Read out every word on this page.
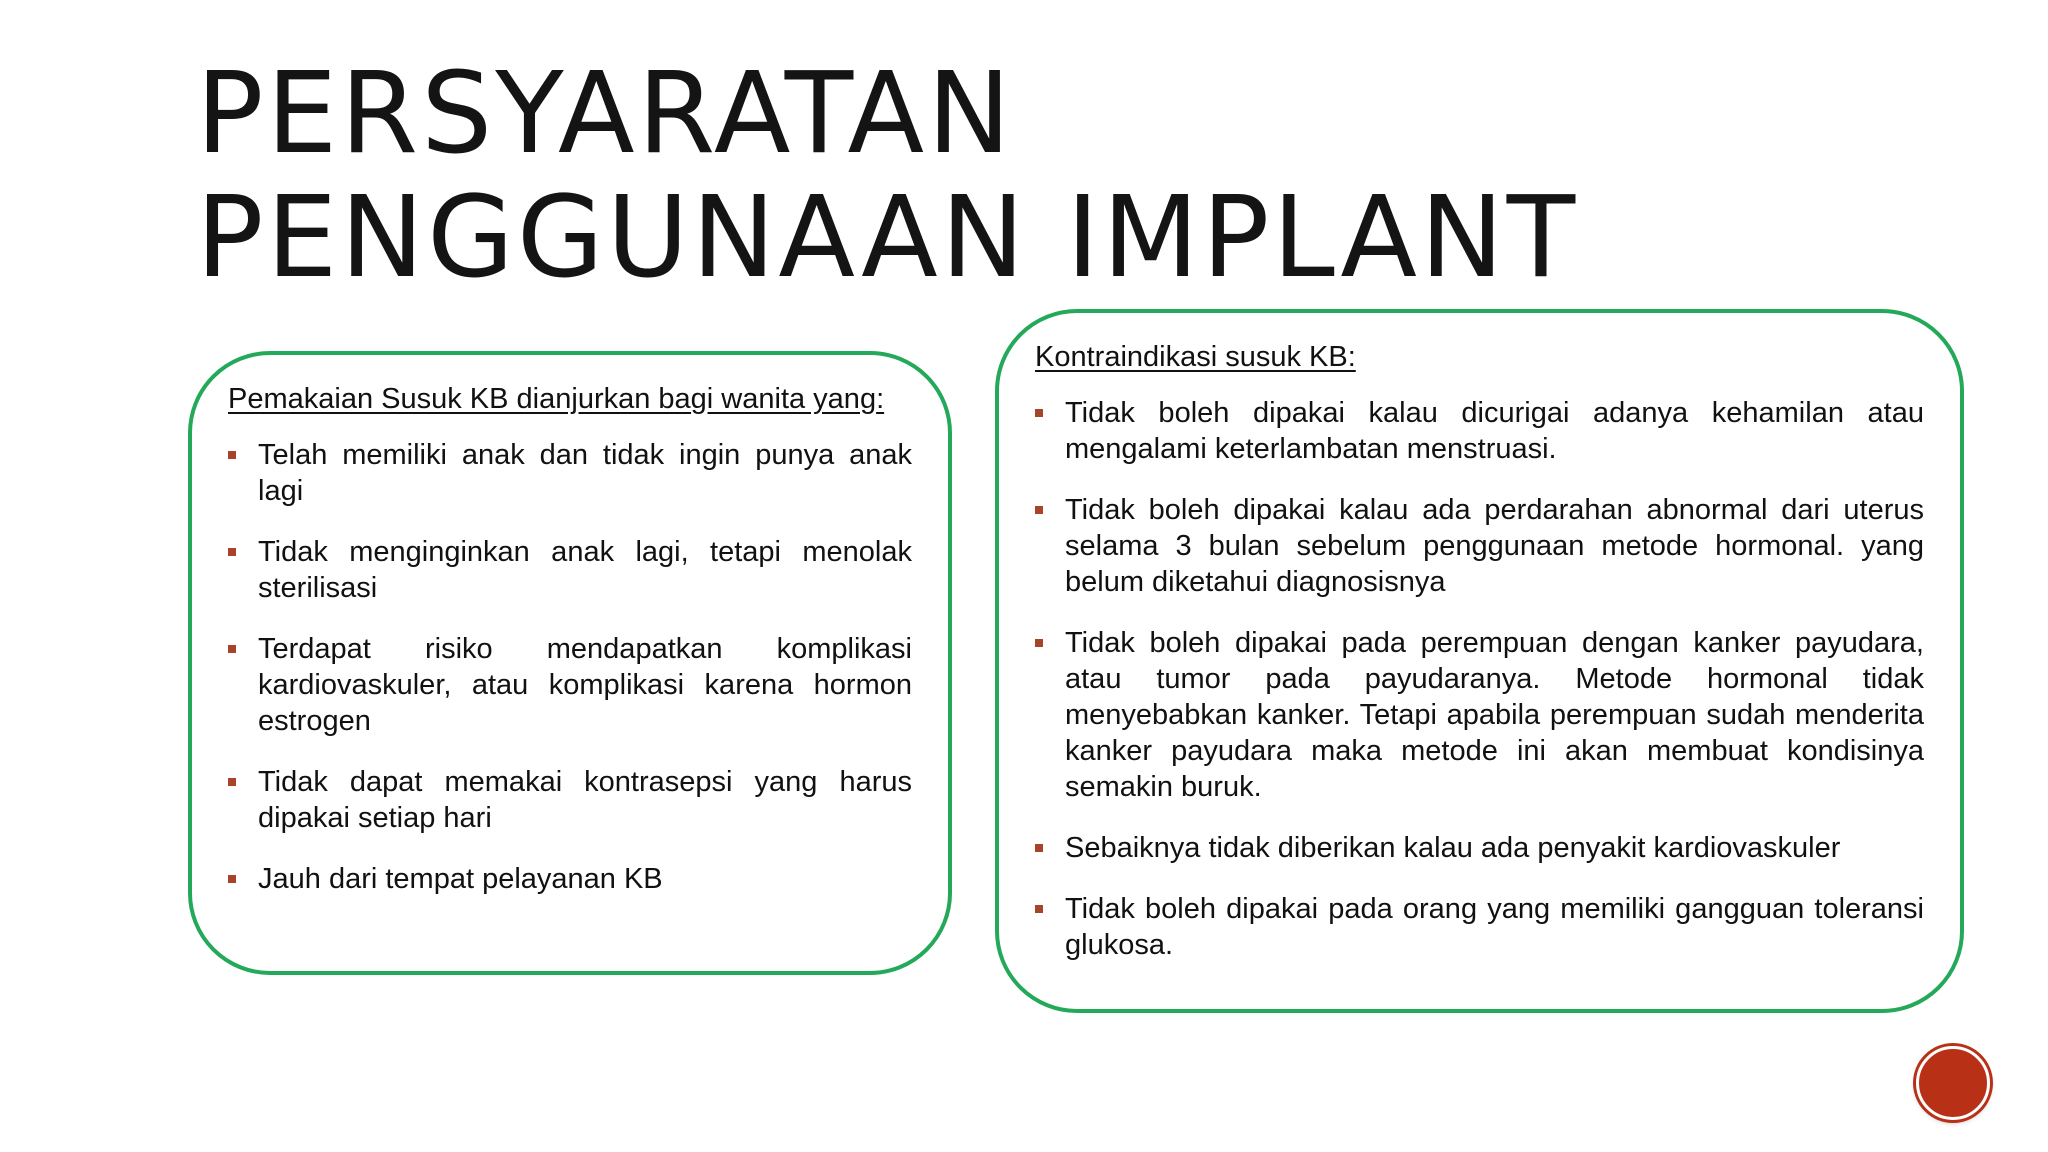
PERSYARATAN
PENGGUNAAN IMPLANT

Pemakaian Susuk KB dianjurkan bagi wanita yang:

Telah memiliki anak dan tidak ingin punya anak lagi
Tidak menginginkan anak lagi, tetapi menolak sterilisasi
Terdapat risiko mendapatkan komplikasi kardiovaskuler, atau komplikasi karena hormon estrogen
Tidak dapat memakai kontrasepsi yang harus dipakai setiap hari
Jauh dari tempat pelayanan KB

Kontraindikasi susuk KB:

Tidak boleh dipakai kalau dicurigai adanya kehamilan atau mengalami keterlambatan menstruasi.
Tidak boleh dipakai kalau ada perdarahan abnormal dari uterus selama 3 bulan sebelum penggunaan metode hormonal. yang belum diketahui diagnosisnya
Tidak boleh dipakai pada perempuan dengan kanker payudara, atau tumor pada payudaranya. Metode hormonal tidak menyebabkan kanker. Tetapi apabila perempuan sudah menderita kanker payudara maka metode ini akan membuat kondisinya semakin buruk.
Sebaiknya tidak diberikan kalau ada penyakit kardiovaskuler
Tidak boleh dipakai pada orang yang memiliki gangguan toleransi glukosa.
